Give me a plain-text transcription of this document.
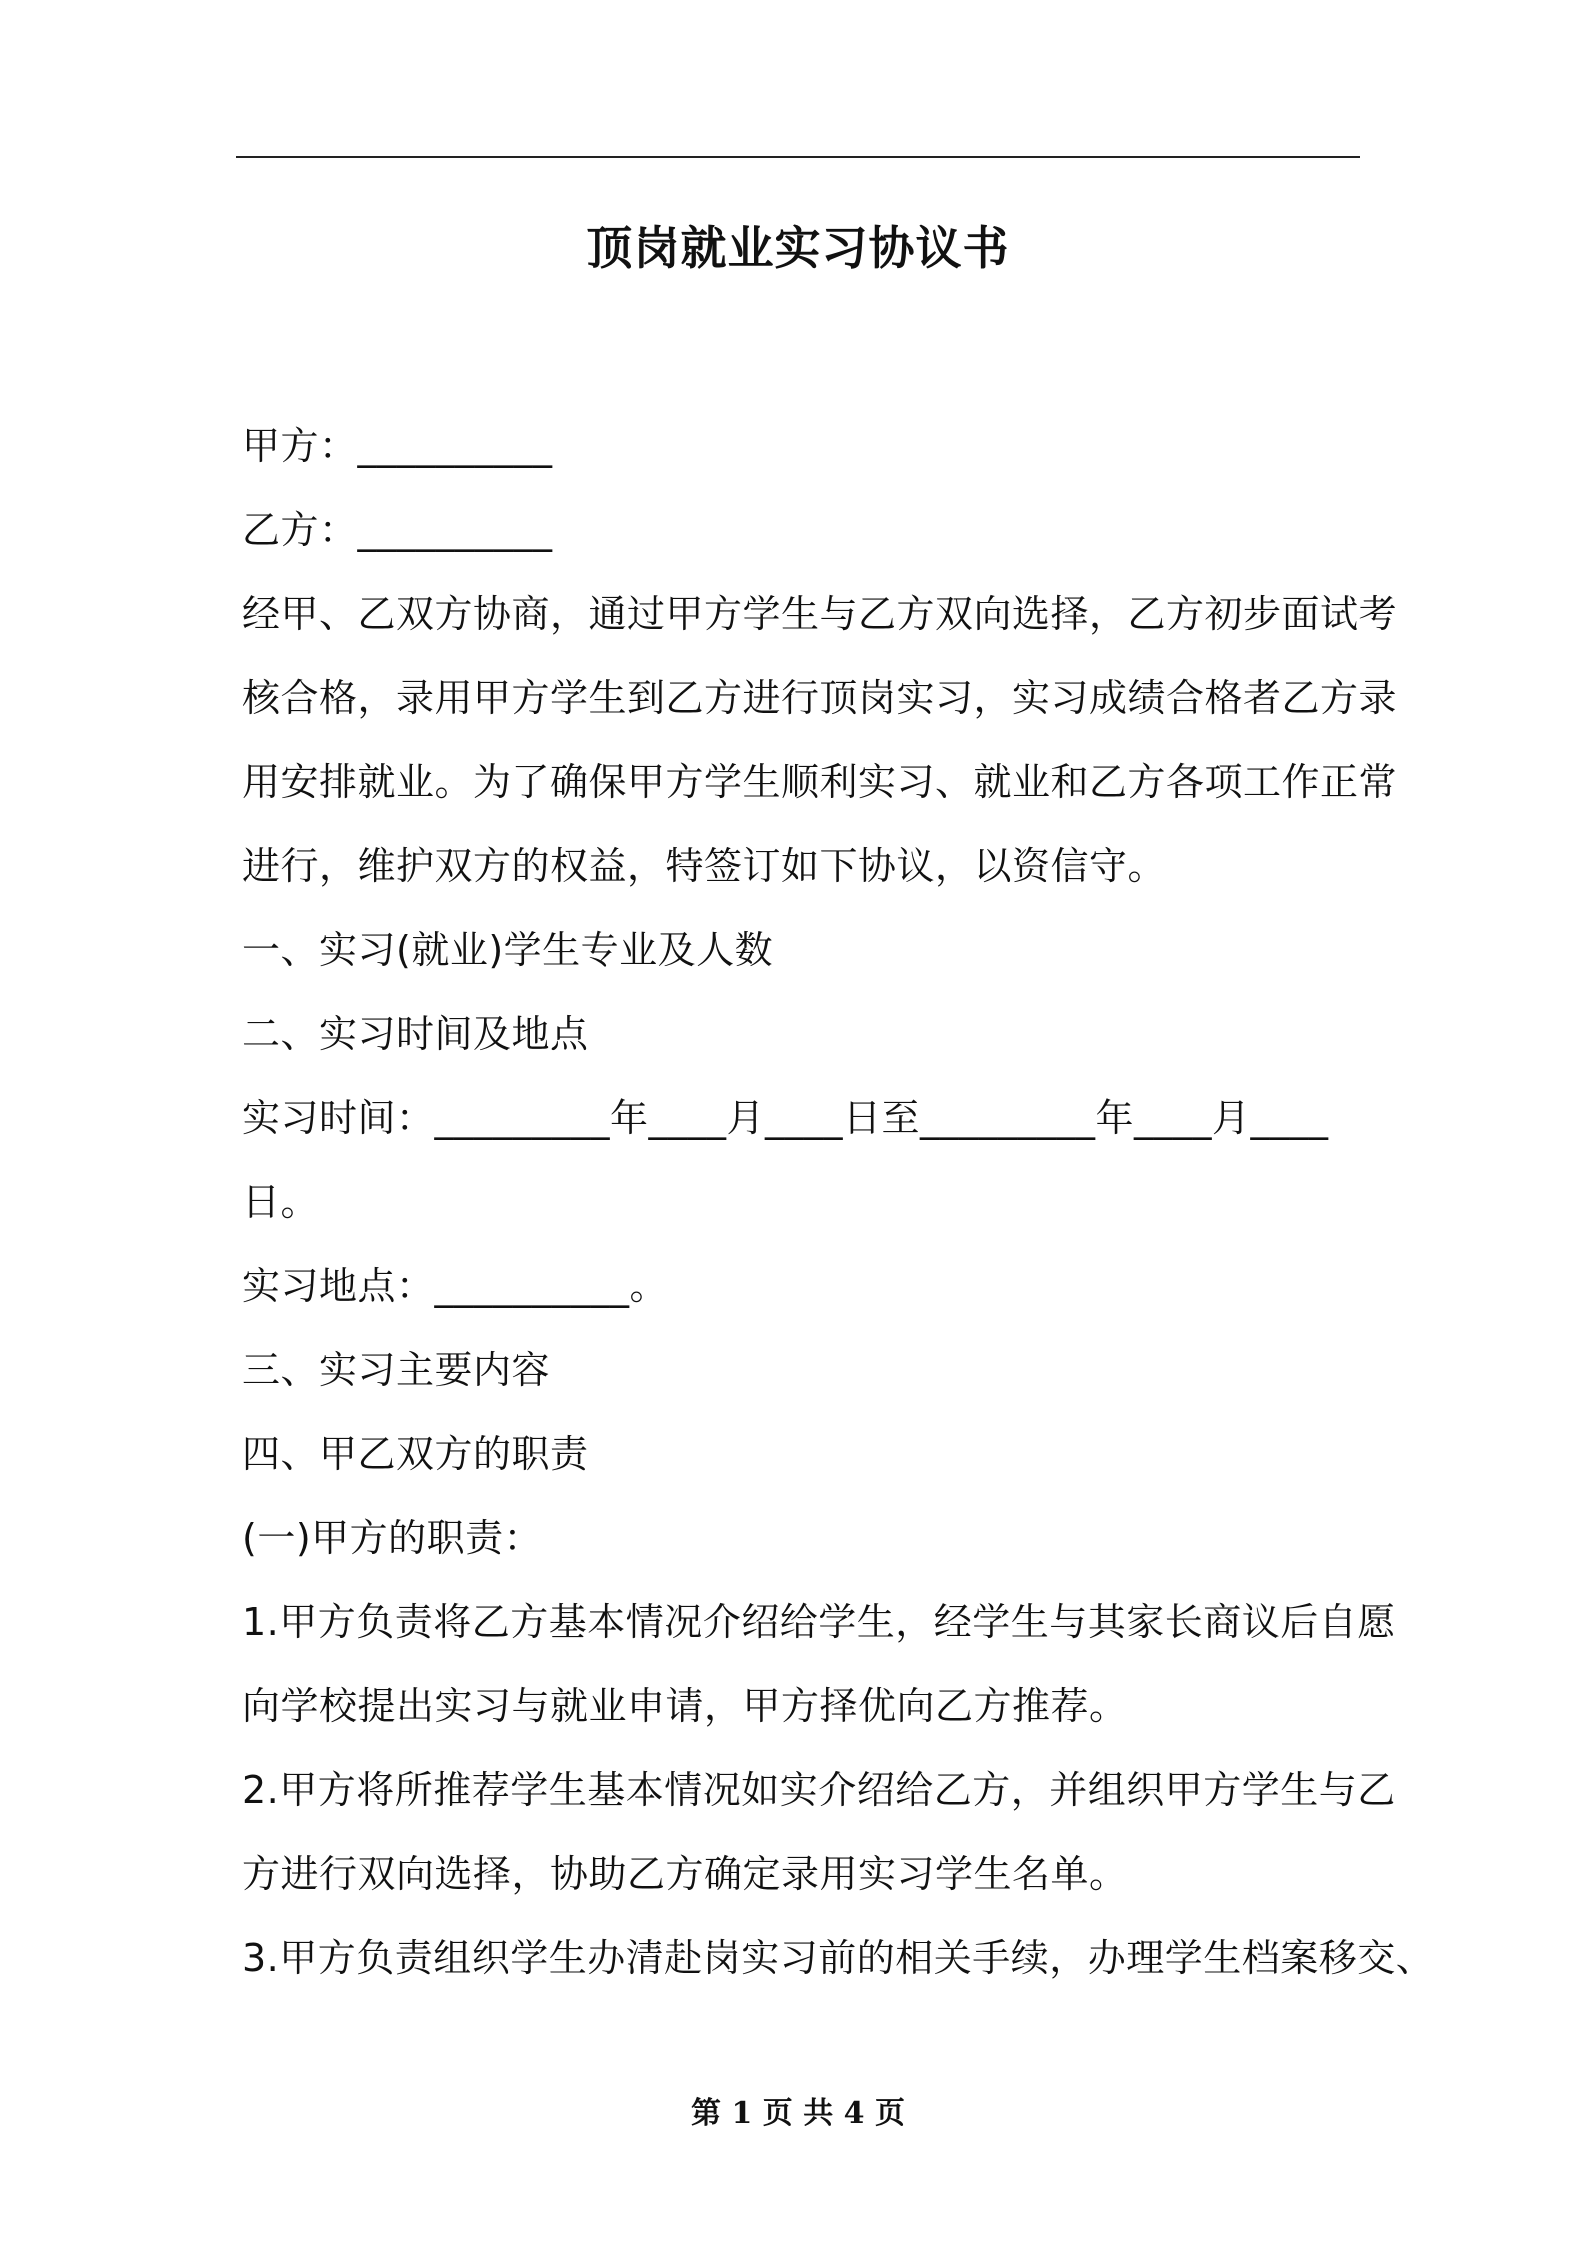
顶岗就业实习协议书
甲方：__________
乙方：__________
经甲、乙双方协商，通过甲方学生与乙方双向选择，乙方初步面试考
核合格，录用甲方学生到乙方进行顶岗实习，实习成绩合格者乙方录
用安排就业。为了确保甲方学生顺利实习、就业和乙方各项工作正常
进行，维护双方的权益，特签订如下协议，以资信守。
一、实习(就业)学生专业及人数
二、实习时间及地点
实习时间：_________年____月____日至_________年____月____
日。
实习地点：__________。
三、实习主要内容
四、甲乙双方的职责
(一)甲方的职责：
1.甲方负责将乙方基本情况介绍给学生，经学生与其家长商议后自愿
向学校提出实习与就业申请，甲方择优向乙方推荐。
2.甲方将所推荐学生基本情况如实介绍给乙方，并组织甲方学生与乙
方进行双向选择，协助乙方确定录用实习学生名单。
3.甲方负责组织学生办清赴岗实习前的相关手续，办理学生档案移交、
第 1 页 共 4 页
